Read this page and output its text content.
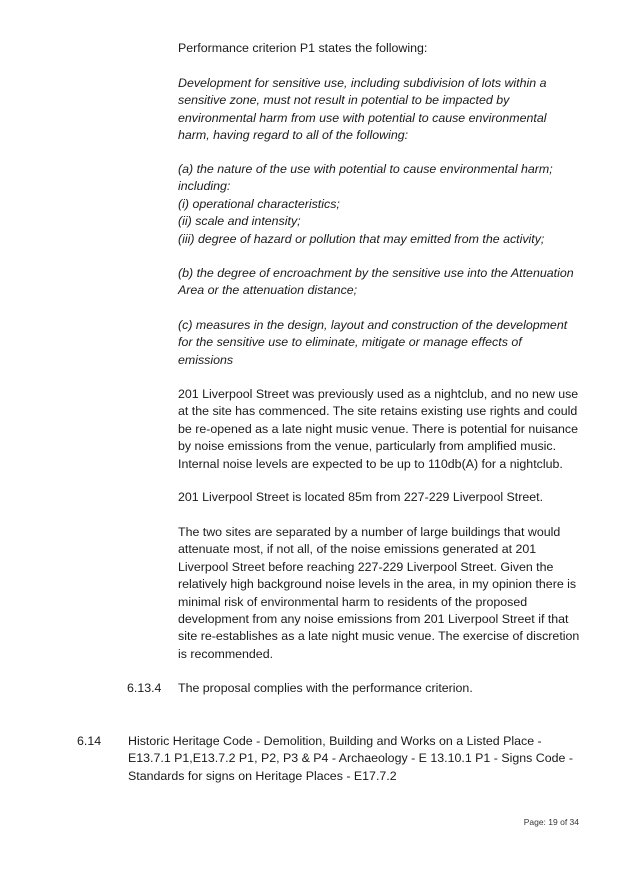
Performance criterion P1 states the following:

Development for sensitive use, including subdivision of lots within a
sensitive zone, must not result in potential to be impacted by
environmental harm from use with potential to cause environmental
harm, having regard to all of the following:
(a) the nature of the use with potential to cause environmental harm;
including:
(i) operational characteristics;
(ii) scale and intensity;
(iii) degree of hazard or pollution that may emitted from the activity;
(b) the degree of encroachment by the sensitive use into the Attenuation
Area or the attenuation distance;
(c) measures in the design, layout and construction of the development
for the sensitive use to eliminate, mitigate or manage effects of
emissions
201 Liverpool Street was previously used as a nightclub, and no new use
at the site has commenced. The site retains existing use rights and could
be re-opened as a late night music venue. There is potential for nuisance
by noise emissions from the venue, particularly from amplified music.
Internal noise levels are expected to be up to 110db(A) for a nightclub.

201 Liverpool Street is located 85m from 227-229 Liverpool Street.

The two sites are separated by a number of large buildings that would
attenuate most, if not all, of the noise emissions generated at 201
Liverpool Street before reaching 227-229 Liverpool Street. Given the
relatively high background noise levels in the area, in my opinion there is
minimal risk of environmental harm to residents of the proposed
development from any noise emissions from 201 Liverpool Street if that
site re-establishes as a late night music venue. The exercise of discretion
is recommended.
6.13.4 The proposal complies with the performance criterion.

6.14 Historic Heritage Code - Demolition, Building and Works on a Listed Place -
E13.7.1 P1,E13.7.2 P1, P2, P3 & P4 - Archaeology - E 13.10.1 P1 - Signs Code -
Standards for signs on Heritage Places - E17.7.2
Page: 19 of 34
